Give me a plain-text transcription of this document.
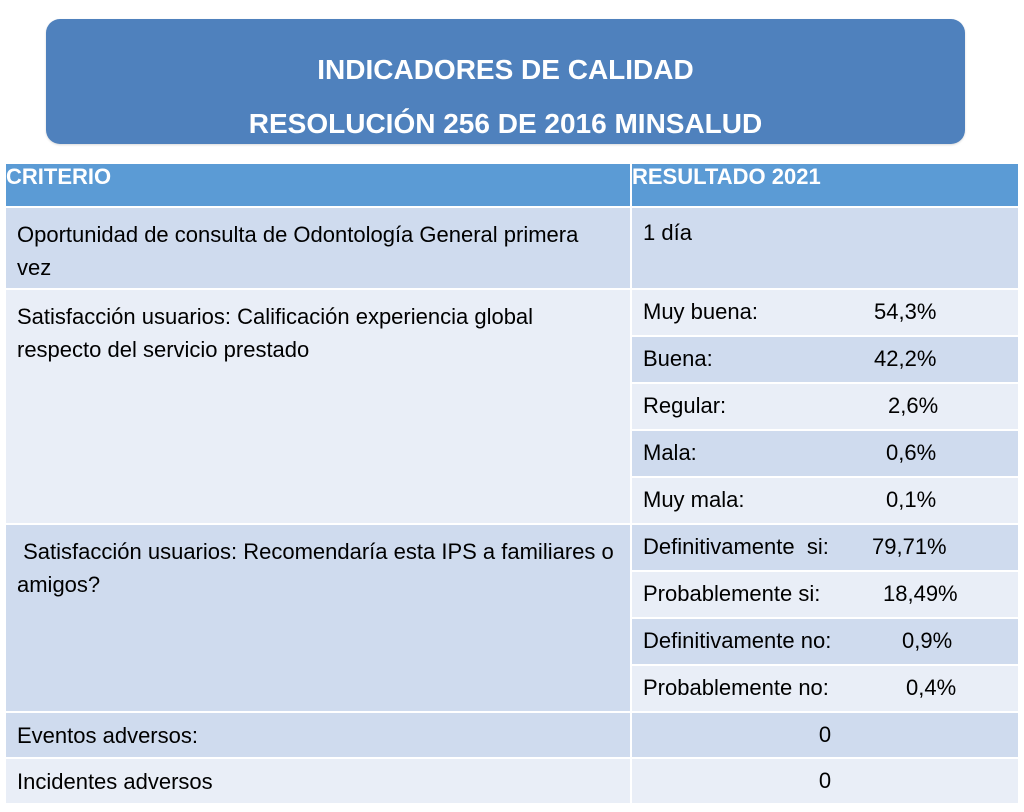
INDICADORES DE CALIDAD
RESOLUCIÓN 256 DE 2016 MINSALUD
CRITERIO	RESULTADO 2021

Oportunidad de consulta de Odontología General primera vez	1 día

Satisfacción usuarios: Calificación experiencia global respecto del servicio prestado	Muy buena: 54,3%

	Buena: 42,2%

	Regular: 2,6%

	Mala: 0,6%

	Muy mala: 0,1%

Satisfacción usuarios: Recomendaría esta IPS a familiares o amigos?	Definitivamente  si: 79,71%

	Probablemente si: 18,49%

	Definitivamente no: 0,9%

	Probablemente no: 0,4%

Eventos adversos:	0

Incidentes adversos	0
